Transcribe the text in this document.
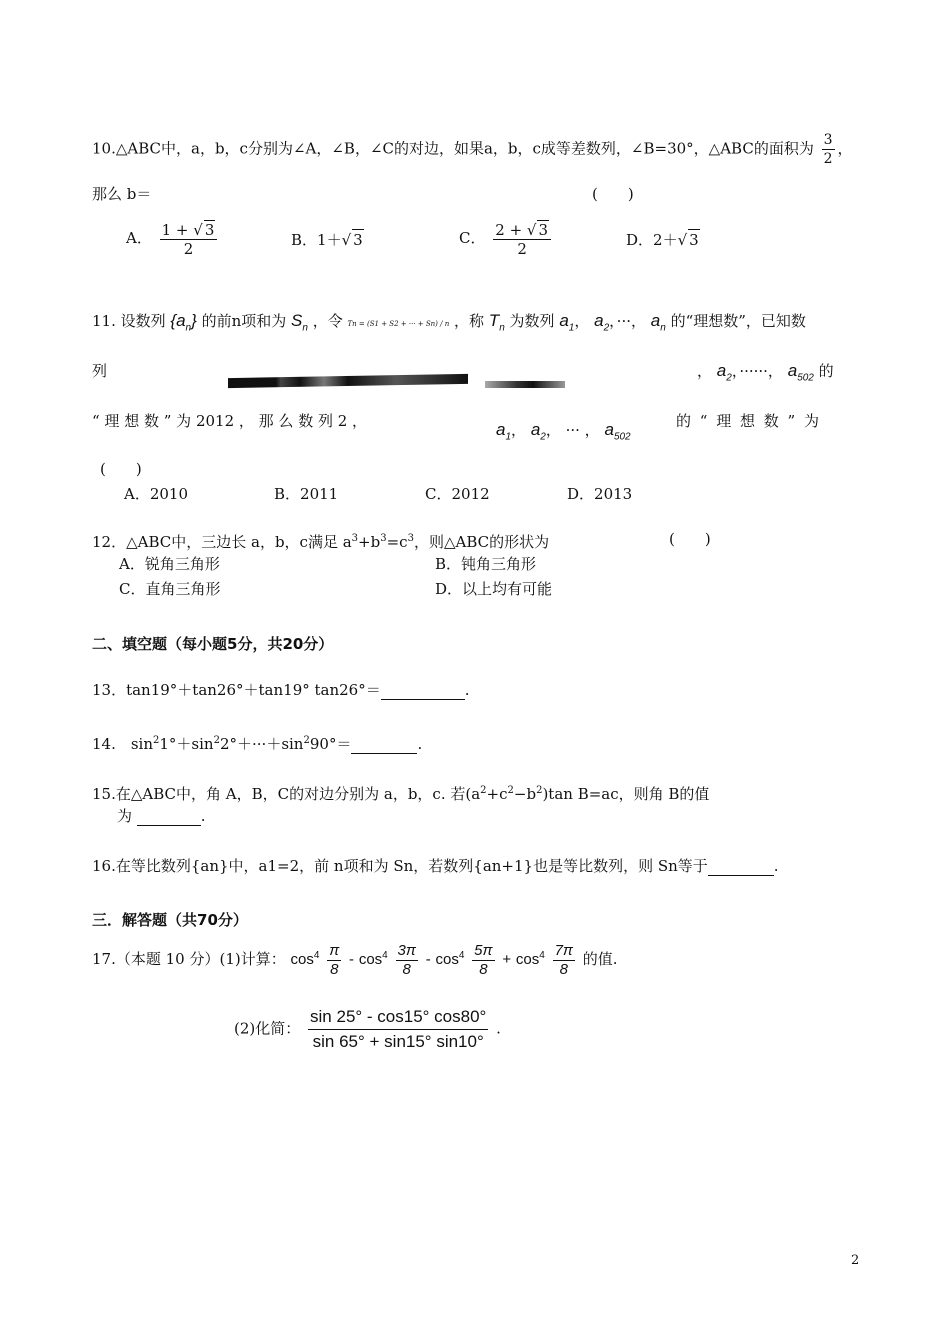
10.△ABC中，a，b，c分别为∠A，∠B，∠C的对边，如果a，b，c成等差数列，∠B=30°，△ABC的面积为 $\frac{3}{2}$ ，
那么 b＝	(　　)
A． $\frac{1 + √ 3}{2}$	B．1＋√ 3	C． $\frac{2 + √ 3}{2}$	D．2＋√ 3
11. 设数列 $\{a_n\}$ 的前n项和为 $S_n$ ，令 Tn = (S1 + S2 + ··· + Sn) / n ，称 $T_n$ 为数列 $a_1$， $a_2$，···， $a_n$ 的“理想数”，已知数
列	， $a_2$，······， $a_{502}$ 的
“ 理 想 数 ” 为 2012 ， 那 么 数 列 2 ，	$a_1$， $a_2$， ··· ， $a_{502}$
的 “ 理 想 数 ” 为
(　　)
A．2010	B．2011	C．2012	D．2013
12．△ABC中，三边长 a，b，c满足 $a^3+b^3=c^3$，则△ABC的形状为	(　　)
A．锐角三角形	B．钝角三角形
C．直角三角形	D．以上均有可能
二、填空题（每小题5分，共20分）
13．tan19°＋tan26°＋tan19° tan26°＝	.
14.　$\sin^21^\circ+\sin^22^\circ+\cdot\cdot\cdot+\sin^290^\circ=$	.
15.在△ABC中，角 A，B，C的对边分别为 a，b，c. 若$(a^2+c^2-b^2)\tan$ B=ac，则角 B的值
为	.
16.在等比数列{an}中，a1=2，前 n项和为 Sn，若数列{an+1}也是等比数列，则 Sn等于	.
三．解答题（共70分）
17.（本题 10 分）(1)计算： $\cos^4 \frac{\pi}{8} - \cos^4 \frac{3\pi}{8} - \cos^4 \frac{5\pi}{8} + \cos^4 \frac{7\pi}{8}$ 的值.
(2)化简： $\frac{\sin 25^\circ - \cos 15^\circ \cos 80^\circ}{\sin 65^\circ + \sin 15^\circ \sin 10^\circ}$ .
2
